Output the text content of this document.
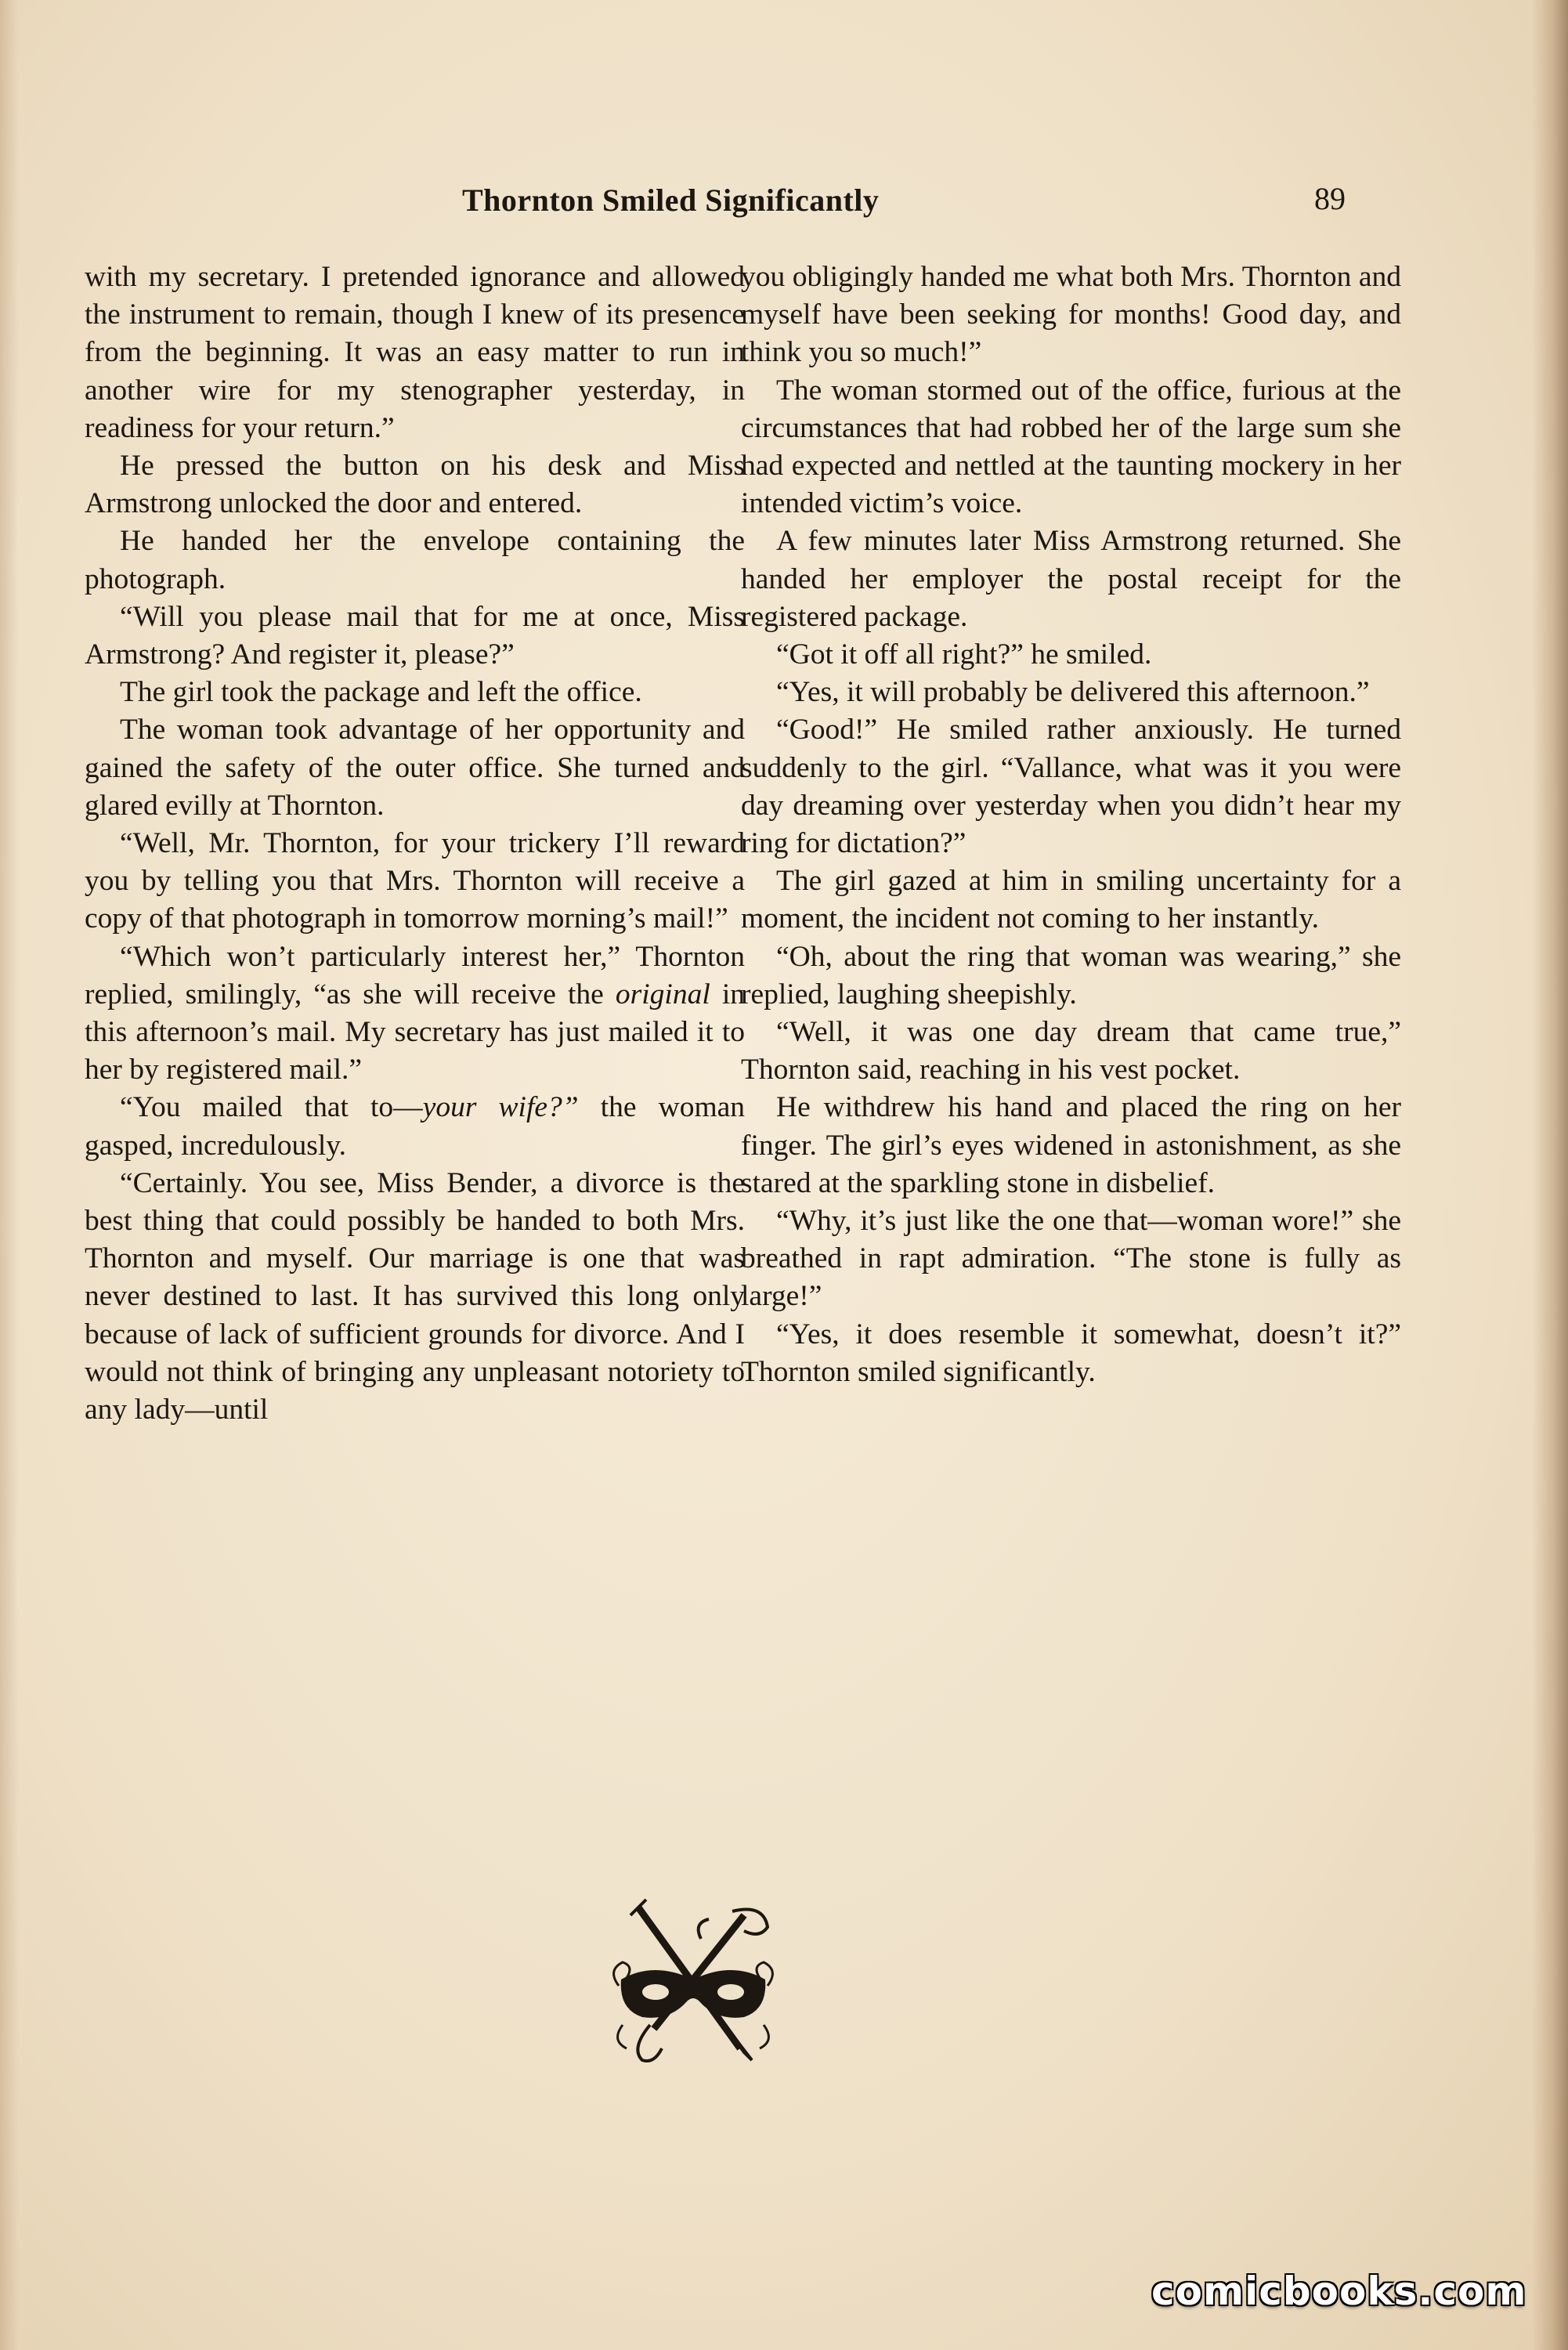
Thornton Smiled Significantly	89

with my secretary. I pretended ignorance and allowed the instrument to remain, though I knew of its presence from the beginning. It was an easy matter to run in another wire for my stenographer yesterday, in readiness for your return.”

He pressed the button on his desk and Miss Armstrong unlocked the door and entered.

He handed her the envelope containing the photograph.

“Will you please mail that for me at once, Miss Armstrong? And register it, please?”

The girl took the package and left the office.

The woman took advantage of her opportunity and gained the safety of the outer office. She turned and glared evilly at Thornton.

“Well, Mr. Thornton, for your trickery I’ll reward you by telling you that Mrs. Thornton will receive a copy of that photograph in tomorrow morning’s mail!”

“Which won’t particularly interest her,” Thornton replied, smilingly, “as she will receive the original in this afternoon’s mail. My secretary has just mailed it to her by registered mail.”

“You mailed that to—your wife?” the woman gasped, incredulously.

“Certainly. You see, Miss Bender, a divorce is the best thing that could possibly be handed to both Mrs. Thornton and myself. Our marriage is one that was never destined to last. It has survived this long only because of lack of sufficient grounds for divorce. And I would not think of bringing any unpleasant notoriety to any lady—until

you obligingly handed me what both Mrs. Thornton and myself have been seeking for months! Good day, and think you so much!”

The woman stormed out of the office, furious at the circumstances that had robbed her of the large sum she had expected and nettled at the taunting mockery in her intended victim’s voice.

A few minutes later Miss Armstrong returned. She handed her employer the postal receipt for the registered package.

“Got it off all right?” he smiled.

“Yes, it will probably be delivered this afternoon.”

“Good!” He smiled rather anxiously. He turned suddenly to the girl. “Vallance, what was it you were day dreaming over yesterday when you didn’t hear my ring for dictation?”

The girl gazed at him in smiling uncertainty for a moment, the incident not coming to her instantly.

“Oh, about the ring that woman was wearing,” she replied, laughing sheepishly.

“Well, it was one day dream that came true,” Thornton said, reaching in his vest pocket.

He withdrew his hand and placed the ring on her finger. The girl’s eyes widened in astonishment, as she stared at the sparkling stone in disbelief.

“Why, it’s just like the one that—woman wore!” she breathed in rapt admiration. “The stone is fully as large!”

“Yes, it does resemble it somewhat, doesn’t it?” Thornton smiled significantly.

comicbooks.com
